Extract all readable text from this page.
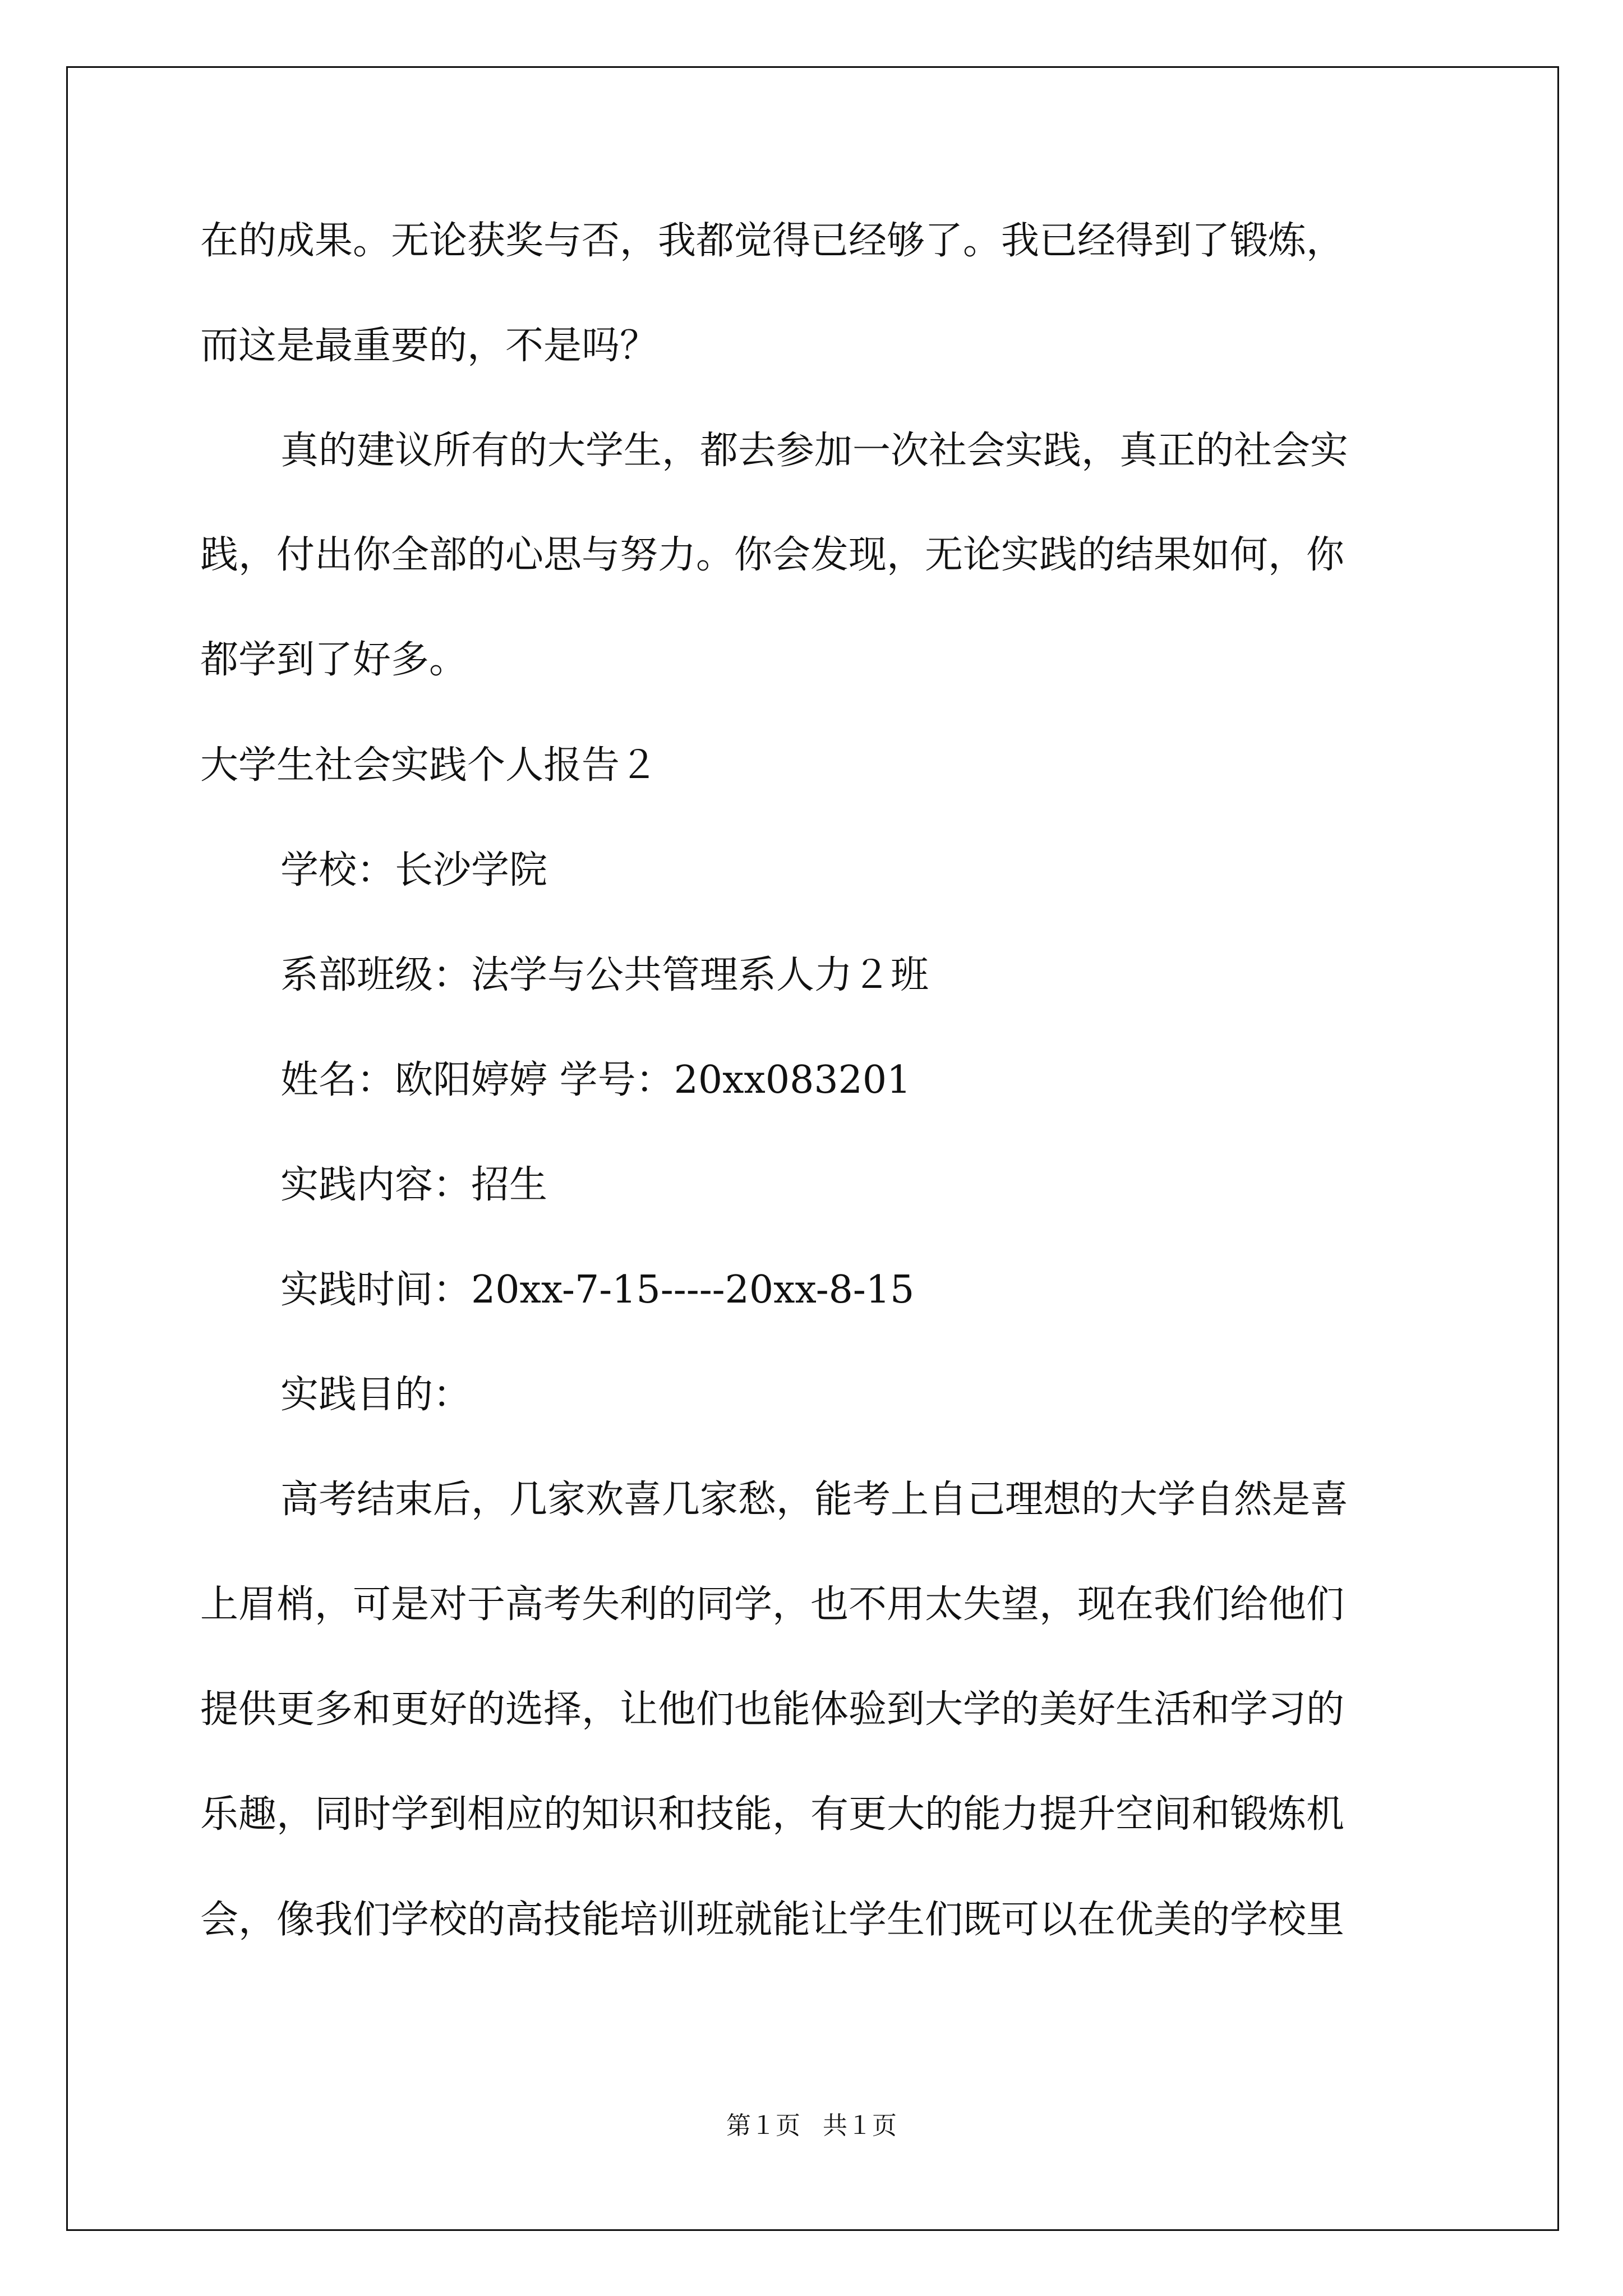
在的成果。无论获奖与否，我都觉得已经够了。我已经得到了锻炼，
而这是最重要的，不是吗？
真的建议所有的大学生，都去参加一次社会实践，真正的社会实
践，付出你全部的心思与努力。你会发现，无论实践的结果如何，你
都学到了好多。
大学生社会实践个人报告２
学校：长沙学院
系部班级：法学与公共管理系人力２班
姓名：欧阳婷婷 学号：20xx083201
实践内容：招生
实践时间：20xx-7-15-----20xx-8-15
实践目的：
高考结束后，几家欢喜几家愁，能考上自己理想的大学自然是喜
上眉梢，可是对于高考失利的同学，也不用太失望，现在我们给他们
提供更多和更好的选择，让他们也能体验到大学的美好生活和学习的
乐趣，同时学到相应的知识和技能，有更大的能力提升空间和锻炼机
会，像我们学校的高技能培训班就能让学生们既可以在优美的学校里
第１页 共１页
